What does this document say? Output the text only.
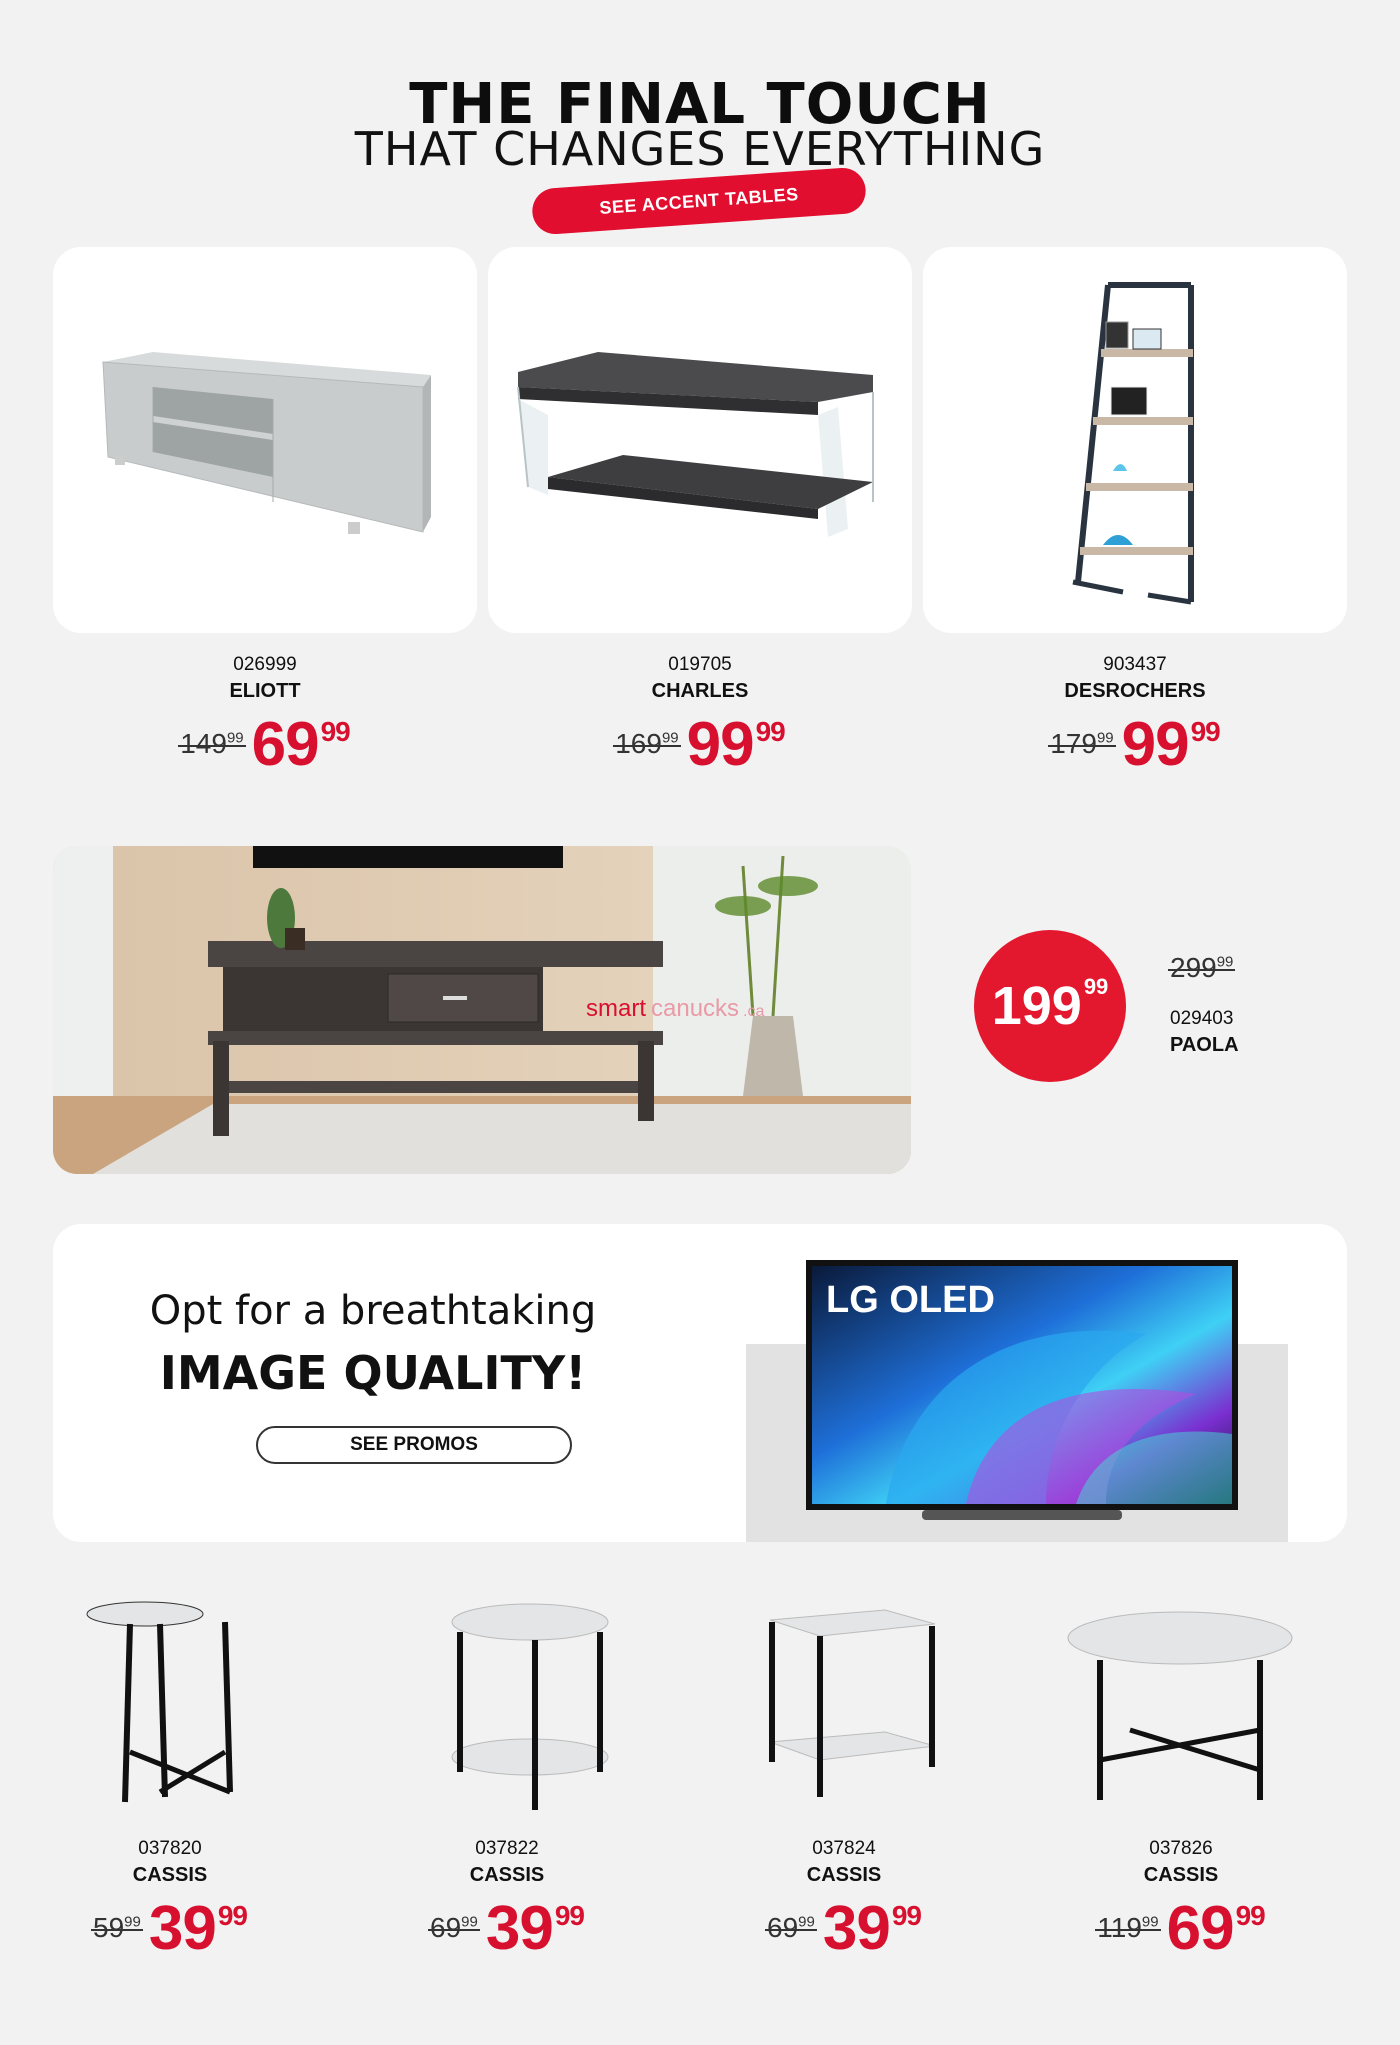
THE FINAL TOUCH
THAT CHANGES EVERYTHING
SEE ACCENT TABLES
026999
ELIOTT
$149^{99}$ $69^{99}$
019705
CHARLES
$169^{99}$ $99^{99}$
903437
DESROCHERS
$179^{99}$ $99^{99}$
smart canucks .ca	199 99
$299^{99}$
029403
PAOLA
Opt for a breathtaking
IMAGE QUALITY!
SEE PROMOS
LG OLED
037820
CASSIS
$59^{99}$ $39^{99}$
037822
CASSIS
$69^{99}$ $39^{99}$
037824
CASSIS
$69^{99}$ $39^{99}$
037826
CASSIS
$119^{99}$ $69^{99}$
